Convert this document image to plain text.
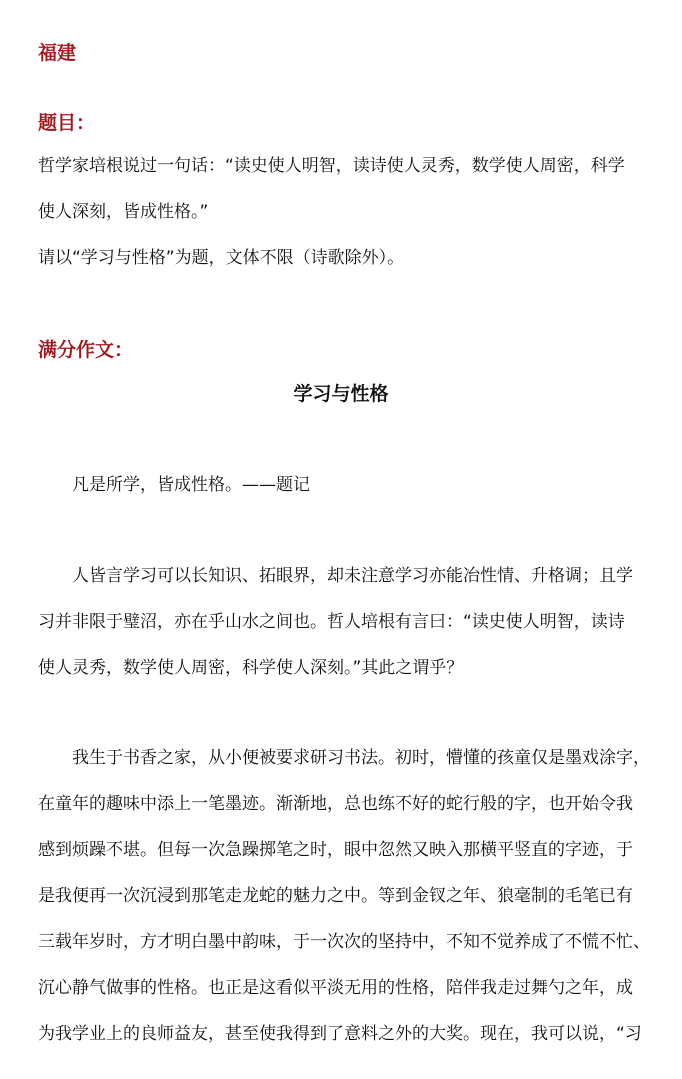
福建
题目：
哲学家培根说过一句话：“读史使人明智，读诗使人灵秀，数学使人周密，科学
使人深刻，皆成性格。”
请以“学习与性格”为题，文体不限（诗歌除外）。
满分作文：
学习与性格
凡是所学，皆成性格。——题记
人皆言学习可以长知识、拓眼界，却未注意学习亦能冶性情、升格调；且学
习并非限于璧沼，亦在乎山水之间也。哲人培根有言曰：“读史使人明智，读诗
使人灵秀，数学使人周密，科学使人深刻。”其此之谓乎？
我生于书香之家，从小便被要求研习书法。初时，懵懂的孩童仅是墨戏涂字，
在童年的趣味中添上一笔墨迹。渐渐地，总也练不好的蛇行般的字，也开始令我
感到烦躁不堪。但每一次急躁掷笔之时，眼中忽然又映入那横平竖直的字迹，于
是我便再一次沉浸到那笔走龙蛇的魅力之中。等到金钗之年、狼毫制的毛笔已有
三载年岁时，方才明白墨中韵味，于一次次的坚持中，不知不觉养成了不慌不忙、
沉心静气做事的性格。也正是这看似平淡无用的性格，陪伴我走过舞勺之年，成
为我学业上的良师益友，甚至使我得到了意料之外的大奖。现在，我可以说，“习
